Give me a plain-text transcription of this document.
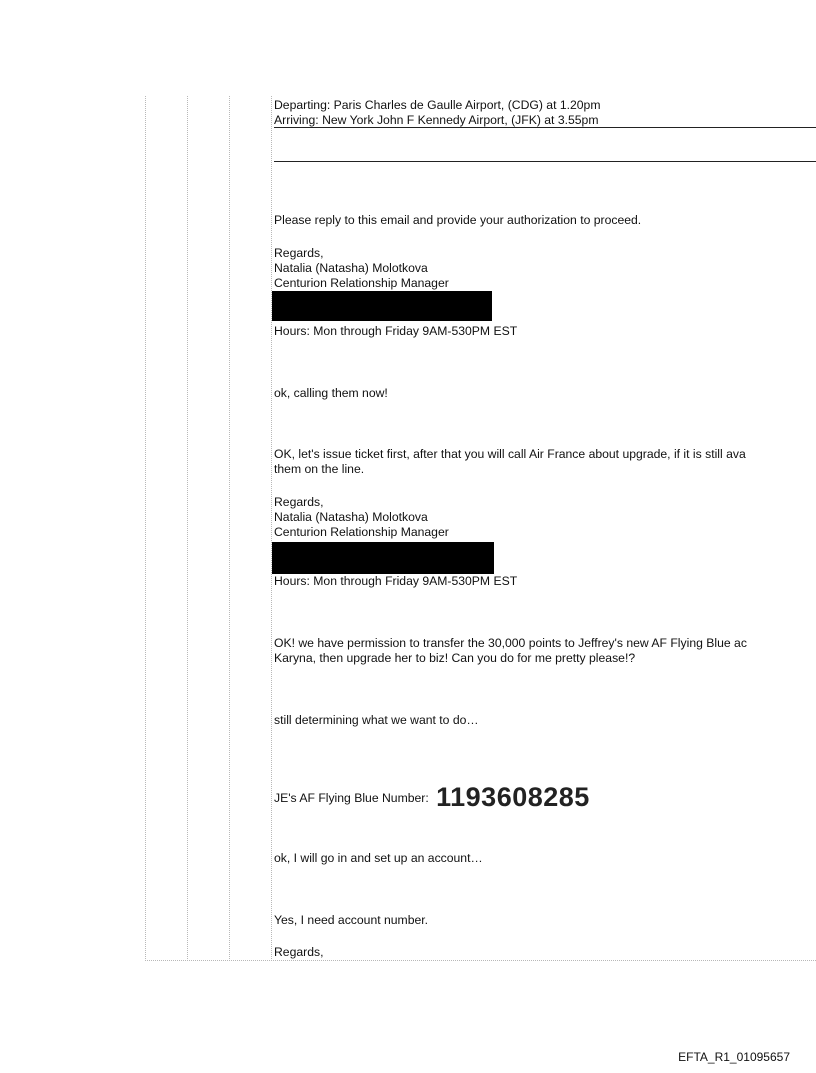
Departing: Paris Charles de Gaulle Airport, (CDG) at 1.20pm
Arriving: New York John F Kennedy Airport, (JFK) at 3.55pm
Please reply to this email and provide your authorization to proceed.
Regards,
Natalia (Natasha) Molotkova
Centurion Relationship Manager
Hours: Mon through Friday 9AM-530PM EST
ok, calling them now!
OK, let's issue ticket first, after that you will call Air France about upgrade, if it is still ava
them on the line.
Regards,
Natalia (Natasha) Molotkova
Centurion Relationship Manager
Hours: Mon through Friday 9AM-530PM EST
OK! we have permission to transfer the 30,000 points to Jeffrey's new AF Flying Blue ac
Karyna, then upgrade her to biz! Can you do for me pretty please!?
still determining what we want to do…
JE's AF Flying Blue Number: 1193608285
ok, I will go in and set up an account…
Yes, I need account number.
Regards,
EFTA_R1_01095657
